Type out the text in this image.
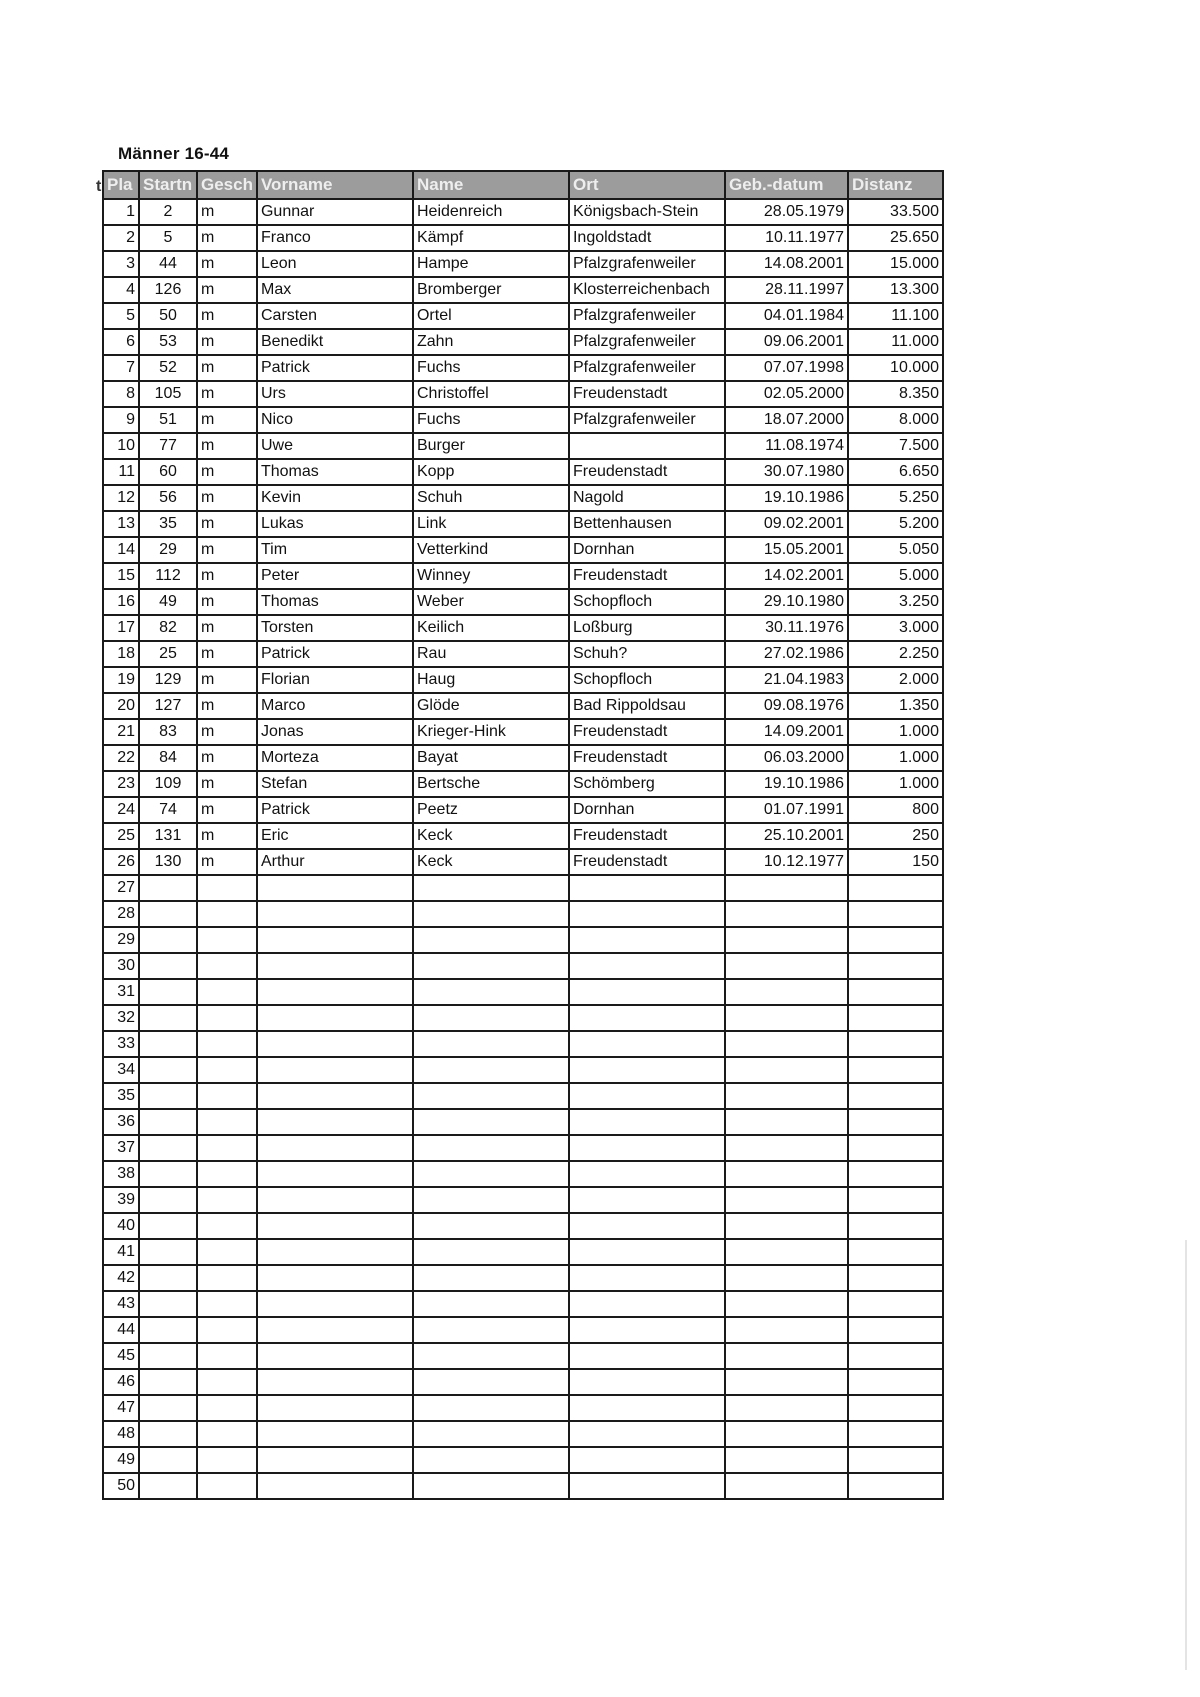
Männer 16-44
t Pla	Startn	Gesch	Vorname	Name	Ort	Geb.-datum	Distanz
1	2	m	Gunnar	Heidenreich	Königsbach-Stein	28.05.1979	33.500
2	5	m	Franco	Kämpf	Ingoldstadt	10.11.1977	25.650
3	44	m	Leon	Hampe	Pfalzgrafenweiler	14.08.2001	15.000
4	126	m	Max	Bromberger	Klosterreichenbach	28.11.1997	13.300
5	50	m	Carsten	Ortel	Pfalzgrafenweiler	04.01.1984	11.100
6	53	m	Benedikt	Zahn	Pfalzgrafenweiler	09.06.2001	11.000
7	52	m	Patrick	Fuchs	Pfalzgrafenweiler	07.07.1998	10.000
8	105	m	Urs	Christoffel	Freudenstadt	02.05.2000	8.350
9	51	m	Nico	Fuchs	Pfalzgrafenweiler	18.07.2000	8.000
10	77	m	Uwe	Burger		11.08.1974	7.500
11	60	m	Thomas	Kopp	Freudenstadt	30.07.1980	6.650
12	56	m	Kevin	Schuh	Nagold	19.10.1986	5.250
13	35	m	Lukas	Link	Bettenhausen	09.02.2001	5.200
14	29	m	Tim	Vetterkind	Dornhan	15.05.2001	5.050
15	112	m	Peter	Winney	Freudenstadt	14.02.2001	5.000
16	49	m	Thomas	Weber	Schopfloch	29.10.1980	3.250
17	82	m	Torsten	Keilich	Loßburg	30.11.1976	3.000
18	25	m	Patrick	Rau	Schuh?	27.02.1986	2.250
19	129	m	Florian	Haug	Schopfloch	21.04.1983	2.000
20	127	m	Marco	Glöde	Bad Rippoldsau	09.08.1976	1.350
21	83	m	Jonas	Krieger-Hink	Freudenstadt	14.09.2001	1.000
22	84	m	Morteza	Bayat	Freudenstadt	06.03.2000	1.000
23	109	m	Stefan	Bertsche	Schömberg	19.10.1986	1.000
24	74	m	Patrick	Peetz	Dornhan	01.07.1991	800
25	131	m	Eric	Keck	Freudenstadt	25.10.2001	250
26	130	m	Arthur	Keck	Freudenstadt	10.12.1977	150
27							
28							
29							
30							
31							
32							
33							
34							
35							
36							
37							
38							
39							
40							
41							
42							
43							
44							
45							
46							
47							
48							
49							
50							
